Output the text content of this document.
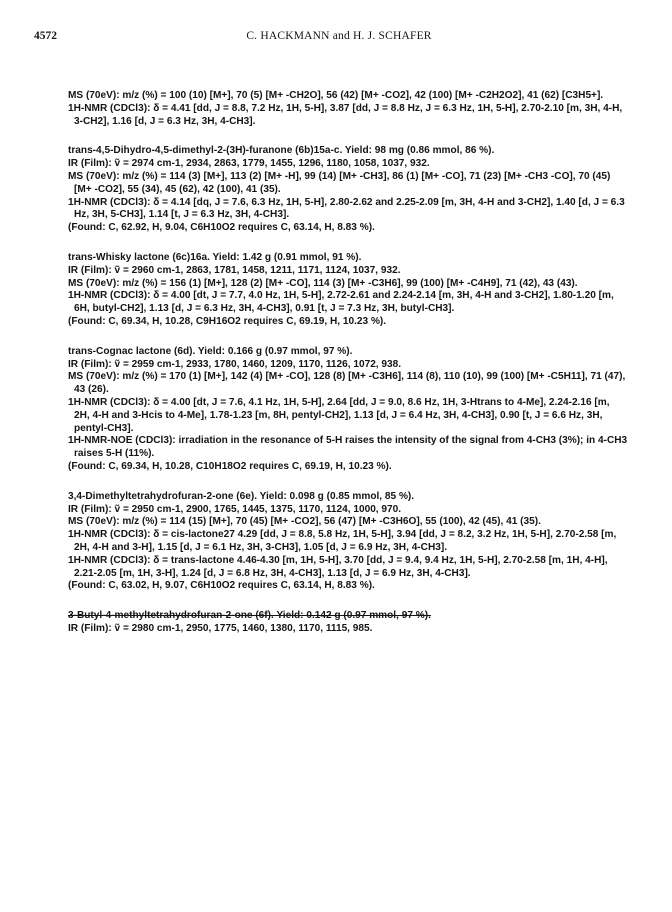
4572	C. HACKMANN and H. J. SCHAFER
MS (70eV): m/z (%) = 100 (10) [M+], 70 (5) [M+ -CH2O], 56 (42) [M+ -CO2], 42 (100) [M+ -C2H2O2], 41 (62) [C3H5+].
1H-NMR (CDCl3): δ = 4.41 [dd, J = 8.8, 7.2 Hz, 1H, 5-H], 3.87 [dd, J = 8.8 Hz, J = 6.3 Hz, 1H, 5-H], 2.70-2.10 [m, 3H, 4-H, 3-CH2], 1.16 [d, J = 6.3 Hz, 3H, 4-CH3].
trans-4,5-Dihydro-4,5-dimethyl-2-(3H)-furanone (6b)15a-c. Yield: 98 mg (0.86 mmol, 86 %).
IR (Film): ṽ = 2974 cm-1, 2934, 2863, 1779, 1455, 1296, 1180, 1058, 1037, 932.
MS (70eV): m/z (%) = 114 (3) [M+], 113 (2) [M+ -H], 99 (14) [M+ -CH3], 86 (1) [M+ -CO], 71 (23) [M+ -CH3 -CO], 70 (45) [M+ -CO2], 55 (34), 45 (62), 42 (100), 41 (35).
1H-NMR (CDCl3): δ = 4.14 [dq, J = 7.6, 6.3 Hz, 1H, 5-H], 2.80-2.62 and 2.25-2.09 [m, 3H, 4-H and 3-CH2], 1.40 [d, J = 6.3 Hz, 3H, 5-CH3], 1.14 [t, J = 6.3 Hz, 3H, 4-CH3].
(Found: C, 62.92, H, 9.04, C6H10O2 requires C, 63.14, H, 8.83 %).
trans-Whisky lactone (6c)16a. Yield: 1.42 g (0.91 mmol, 91 %).
IR (Film): ṽ = 2960 cm-1, 2863, 1781, 1458, 1211, 1171, 1124, 1037, 932.
MS (70eV): m/z (%) = 156 (1) [M+], 128 (2) [M+ -CO], 114 (3) [M+ -C3H6], 99 (100) [M+ -C4H9], 71 (42), 43 (43).
1H-NMR (CDCl3): δ = 4.00 [dt, J = 7.7, 4.0 Hz, 1H, 5-H], 2.72-2.61 and 2.24-2.14 [m, 3H, 4-H and 3-CH2], 1.80-1.20 [m, 6H, butyl-CH2], 1.13 [d, J = 6.3 Hz, 3H, 4-CH3], 0.91 [t, J = 7.3 Hz, 3H, butyl-CH3].
(Found: C, 69.34, H, 10.28, C9H16O2 requires C, 69.19, H, 10.23 %).
trans-Cognac lactone (6d). Yield: 0.166 g (0.97 mmol, 97 %).
IR (Film): ṽ = 2959 cm-1, 2933, 1780, 1460, 1209, 1170, 1126, 1072, 938.
MS (70eV): m/z (%) = 170 (1) [M+], 142 (4) [M+ -CO], 128 (8) [M+ -C3H6], 114 (8), 110 (10), 99 (100) [M+ -C5H11], 71 (47), 43 (26).
1H-NMR (CDCl3): δ = 4.00 [dt, J = 7.6, 4.1 Hz, 1H, 5-H], 2.64 [dd, J = 9.0, 8.6 Hz, 1H, 3-Htrans to 4-Me], 2.24-2.16 [m, 2H, 4-H and 3-Hcis to 4-Me], 1.78-1.23 [m, 8H, pentyl-CH2], 1.13 [d, J = 6.4 Hz, 3H, 4-CH3], 0.90 [t, J = 6.6 Hz, 3H, pentyl-CH3].
1H-NMR-NOE (CDCl3): irradiation in the resonance of 5-H raises the intensity of the signal from 4-CH3 (3%); in 4-CH3 raises 5-H (11%).
(Found: C, 69.34, H, 10.28, C10H18O2 requires C, 69.19, H, 10.23 %).
3,4-Dimethyltetrahydrofuran-2-one (6e). Yield: 0.098 g (0.85 mmol, 85 %).
IR (Film): ṽ = 2950 cm-1, 2900, 1765, 1445, 1375, 1170, 1124, 1000, 970.
MS (70eV): m/z (%) = 114 (15) [M+], 70 (45) [M+ -CO2], 56 (47) [M+ -C3H6O], 55 (100), 42 (45), 41 (35).
1H-NMR (CDCl3): δ = cis-lactone27 4.29 [dd, J = 8.8, 5.8 Hz, 1H, 5-H], 3.94 [dd, J = 8.2, 3.2 Hz, 1H, 5-H], 2.70-2.58 [m, 2H, 4-H and 3-H], 1.15 [d, J = 6.1 Hz, 3H, 3-CH3], 1.05 [d, J = 6.9 Hz, 3H, 4-CH3].
1H-NMR (CDCl3): δ = trans-lactone 4.46-4.30 [m, 1H, 5-H], 3.70 [dd, J = 9.4, 9.4 Hz, 1H, 5-H], 2.70-2.58 [m, 1H, 4-H], 2.21-2.05 [m, 1H, 3-H], 1.24 [d, J = 6.8 Hz, 3H, 4-CH3], 1.13 [d, J = 6.9 Hz, 3H, 4-CH3].
(Found: C, 63.02, H, 9.07, C6H10O2 requires C, 63.14, H, 8.83 %).
3-Butyl-4-methyltetrahydrofuran-2-one (6f). Yield: 0.142 g (0.97 mmol, 97 %).
IR (Film): ṽ = 2980 cm-1, 2950, 1775, 1460, 1380, 1170, 1115, 985.
